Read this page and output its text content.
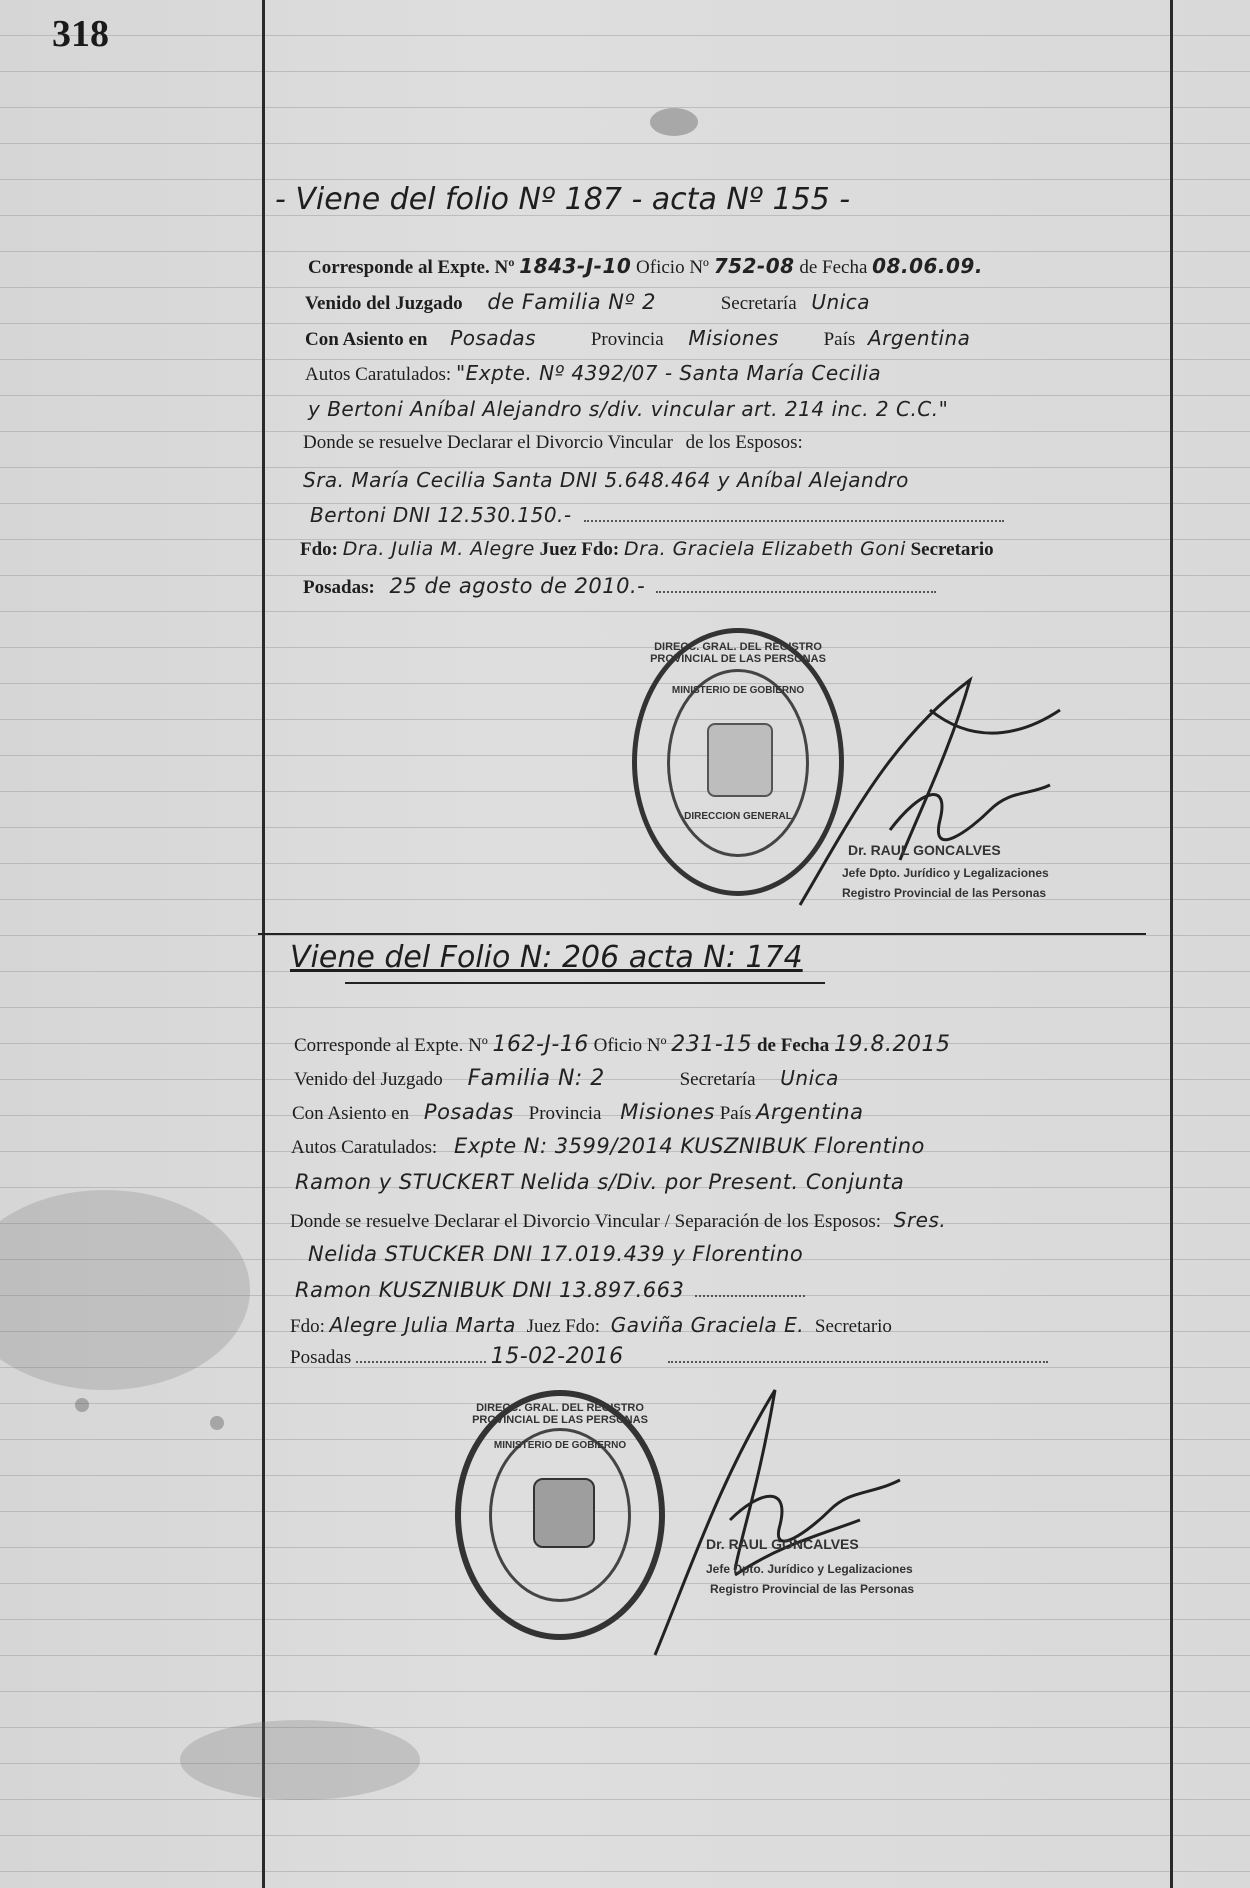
318
- Viene del folio Nº 187 - acta Nº 155 -
Corresponde al Expte. Nº 1843-J-10 Oficio Nº 752-08 de Fecha 08.06.09.
Venido del Juzgado de Familia Nº 2	Secretaría Unica
Con Asiento en Posadas	Provincia Misiones País Argentina
Autos Caratulados: "Expte. Nº 4392/07 - Santa María Cecilia
y Bertoni Aníbal Alejandro s/div. vincular art. 214 inc. 2 C.C."
Donde se resuelve Declarar el Divorcio Vincular de los Esposos:
Sra. María Cecilia Santa DNI 5.648.464 y Aníbal Alejandro
Bertoni DNI 12.530.150.-
Fdo: Dra. Julia M. Alegre Juez Fdo: Dra. Graciela Elizabeth Goni Secretario
Posadas: 25 de agosto de 2010.-
DIRECC. GRAL. DEL REGISTRO PROVINCIAL DE LAS PERSONAS
MINISTERIO DE GOBIERNO
DIRECCION GENERAL
Dr. RAUL GONCALVES
Jefe Dpto. Jurídico y Legalizaciones
Registro Provincial de las Personas
Viene del Folio N: 206 acta N: 174
Corresponde al Expte. Nº 162-J-16 Oficio Nº 231-15 de Fecha 19.8.2015
Venido del Juzgado Familia N: 2	Secretaría Unica
Con Asiento en Posadas Provincia Misiones País Argentina
Autos Caratulados: Expte N: 3599/2014 KUSZNIBUK Florentino
Ramon y STUCKERT Nelida s/Div. por Present. Conjunta
Donde se resuelve Declarar el Divorcio Vincular / Separación de los Esposos: Sres.
Nelida STUCKER DNI 17.019.439 y Florentino
Ramon KUSZNIBUK DNI 13.897.663
Fdo: Alegre Julia Marta Juez Fdo: Gaviña Graciela E. Secretario
Posadas	15-02-2016
DIRECC. GRAL. DEL REGISTRO PROVINCIAL DE LAS PERSONAS
MINISTERIO DE GOBIERNO
Dr. RAUL GONCALVES
Jefe Dpto. Jurídico y Legalizaciones
Registro Provincial de las Personas
